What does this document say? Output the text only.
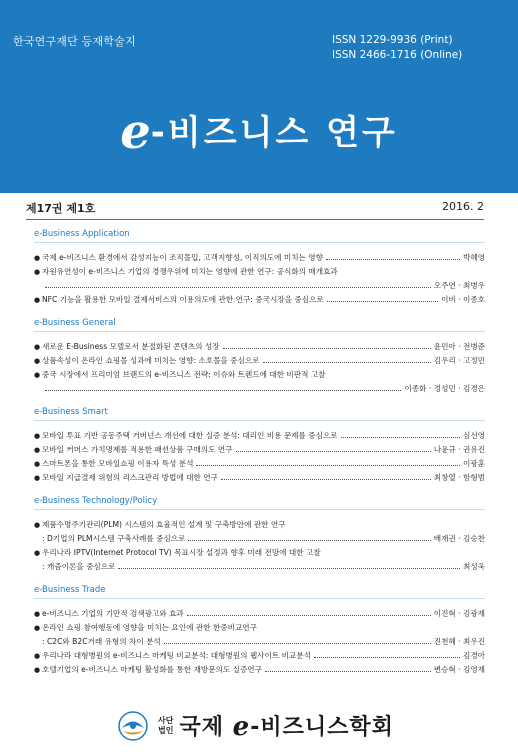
한국연구재단 등재학술지	ISSN 1229-9936 (Print)
ISSN 2466-1716 (Online)
e-비즈니스 연구
제17권 제1호	2016. 2
e-Business Application
● 국제 e-비즈니스 환경에서 감성지능이 조직몰입, 고객지향성, 이직의도에 미치는 영향	박혜영
● 자원유연성이 e-비즈니스 기업의 경쟁우위에 미치는 영향에 관한 연구: 공식화의 매개효과
오주연 · 최병우
● NFC 기능을 활용한 모바일 결제서비스의 이용의도에 관한 연구: 중국시장을 중심으로	이비 · 이종호
e-Business General
● 새로운 E-Business 모델로서 분절화된 콘텐츠의 성장	윤민아 · 전병준
● 상품속성이 온라인 쇼핑몰 성과에 미치는 영향: 소호몰을 중심으로	김우리 · 고정민
● 중국 시장에서 프리미엄 브랜드의 e-비즈니스 전략: 이슈와 트렌드에 대한 비판적 고찰
이종화 · 정성민 · 김경은
e-Business Smart
● 모바일 투표 기반 공동주택 거버넌스 개선에 대한 실증 분석: 대리인 비용 문제를 중심으로	심선영
● 모바일 커머스 가치명제를 적용한 패션상품 구매의도 연구	나윤규 · 권유진
● 스마트폰을 통한 모바일쇼핑 이용자 특성 분석	이광훈
● 모바일 지급결제 위험의 리스크관리 방법에 대한 연구	최창열 · 함형범
e-Business Technology/Policy
● 제품수명주기관리(PLM) 시스템의 효율적인 설계 및 구축방안에 관한 연구
: D기업의 PLM시스템 구축사례를 중심으로	배재권 · 김승찬
● 우리나라 IPTV(Internet Protocol TV) 목표시장 설정과 향후 미래 전망에 대한 고찰
: 캐즘이론을 중심으로	최성욱
e-Business Trade
● e-비즈니스 기업의 기만적 검색광고와 효과	이진혁 · 김광재
● 온라인 쇼핑 참여행동에 영향을 미치는 요인에 관한 한중비교연구
: C2C와 B2C거래 유형의 차이 분석	진천혜 · 최우진
● 우리나라 대형병원의 e-비즈니스 마케팅 비교분석: 대형병원의 웹사이트 비교분석	김경아
● 호텔기업의 e-비즈니스 마케팅 활성화를 통한 재방문의도 실증연구	변승혁 · 김영재
사단
법인 국제 e-비즈니스학회
